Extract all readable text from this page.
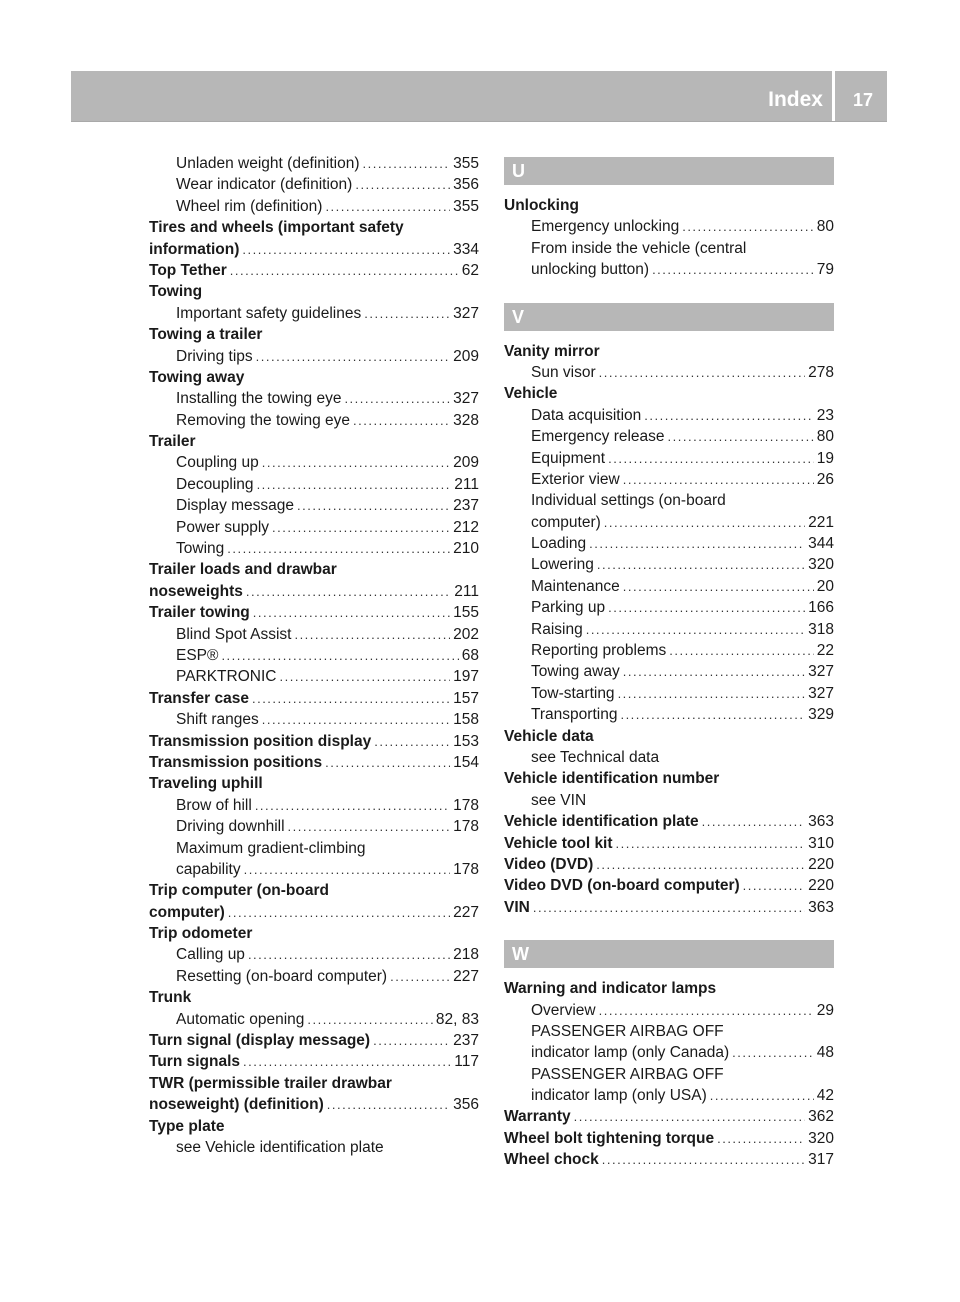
Index 17
Unladen weight (definition) .....	355
Wear indicator (definition) .....	356
Wheel rim (definition) .....	355
Tires and wheels (important safety
information) .....	334
Top Tether .....	62
Towing
Important safety guidelines .....	327
Towing a trailer
Driving tips .....	209
Towing away
Installing the towing eye .....	327
Removing the towing eye .....	328
Trailer
Coupling up .....	209
Decoupling .....	211
Display message .....	237
Power supply .....	212
Towing .....	210
Trailer loads and drawbar
noseweights .....	211
Trailer towing .....	155
Blind Spot Assist .....	202
ESP® .....	68
PARKTRONIC .....	197
Transfer case .....	157
Shift ranges .....	158
Transmission position display .....	153
Transmission positions .....	154
Traveling uphill
Brow of hill .....	178
Driving downhill .....	178
Maximum gradient-climbing
capability .....	178
Trip computer (on-board
computer) .....	227
Trip odometer
Calling up .....	218
Resetting (on-board computer) .....	227
Trunk
Automatic opening .....	82, 83
Turn signal (display message) .....	237
Turn signals .....	117
TWR (permissible trailer drawbar
noseweight) (definition) .....	356
Type plate
see Vehicle identification plate
U
Unlocking
Emergency unlocking .....	80
From inside the vehicle (central
unlocking button) .....	79
V
Vanity mirror
Sun visor .....	278
Vehicle
Data acquisition .....	23
Emergency release .....	80
Equipment .....	19
Exterior view .....	26
Individual settings (on-board
computer) .....	221
Loading .....	344
Lowering .....	320
Maintenance .....	20
Parking up .....	166
Raising .....	318
Reporting problems .....	22
Towing away .....	327
Tow-starting .....	327
Transporting .....	329
Vehicle data
see Technical data
Vehicle identification number
see VIN
Vehicle identification plate .....	363
Vehicle tool kit .....	310
Video (DVD) .....	220
Video DVD (on-board computer) .....	220
VIN .....	363
W
Warning and indicator lamps
Overview .....	29
PASSENGER AIRBAG OFF
indicator lamp (only Canada) .....	48
PASSENGER AIRBAG OFF
indicator lamp (only USA) .....	42
Warranty .....	362
Wheel bolt tightening torque .....	320
Wheel chock .....	317
